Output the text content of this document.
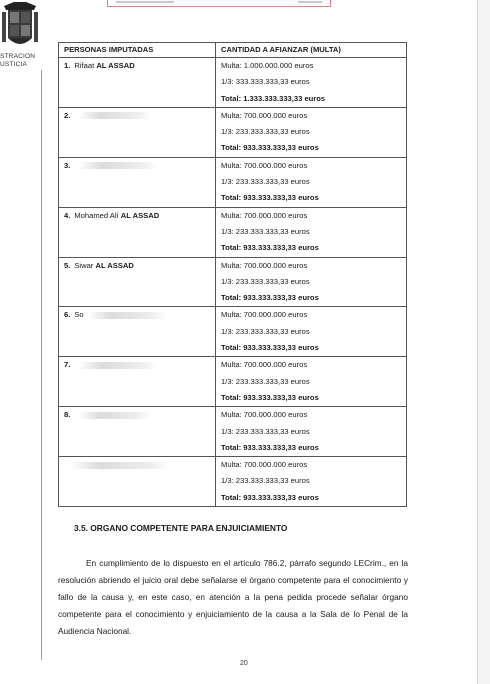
STRACION
USTICIA
PERSONAS IMPUTADAS	CANTIDAD A AFIANZAR (MULTA)
1. Rifaat AL ASSAD	Multa: 1.000.000.000 euros
1/3: 333.333.333,33 euros
Total: 1.333.333.333,33 euros

2.	Multa: 700.000.000 euros
1/3: 233.333.333,33 euros
Total: 933.333.333,33 euros

3.	Multa: 700.000.000 euros
1/3: 233.333.333,33 euros
Total: 933.333.333,33 euros

4. Mohamed Alí AL ASSAD	Multa: 700.000.000 euros
1/3: 233.333.333,33 euros
Total: 933.333.333,33 euros

5. Siwar AL ASSAD	Multa: 700.000.000 euros
1/3: 233.333.333,33 euros
Total: 933.333.333,33 euros

6. So	Multa: 700.000.000 euros
1/3: 233.333.333,33 euros
Total: 933.333.333,33 euros

7.	Multa: 700.000.000 euros
1/3: 233.333.333,33 euros
Total: 933.333.333,33 euros

8.	Multa: 700.000.000 euros
1/3: 233.333.333,33 euros
Total: 933.333.333,33 euros

	Multa: 700.000.000 euros
1/3: 233.333.333,33 euros
Total: 933.333.333,33 euros
3.5. ORGANO COMPETENTE PARA ENJUICIAMIENTO
En cumplimiento de lo dispuesto en el artículo 786.2, párrafo segundo LECrim., en la resolución abriendo el juicio oral debe señalarse el órgano competente para el conocimiento y fallo de la causa y, en este caso, en atención a la pena pedida procede señalar órgano competente para el conocimiento y enjuiciamiento de la causa a la Sala de lo Penal de la Audiencia Nacional.
20
